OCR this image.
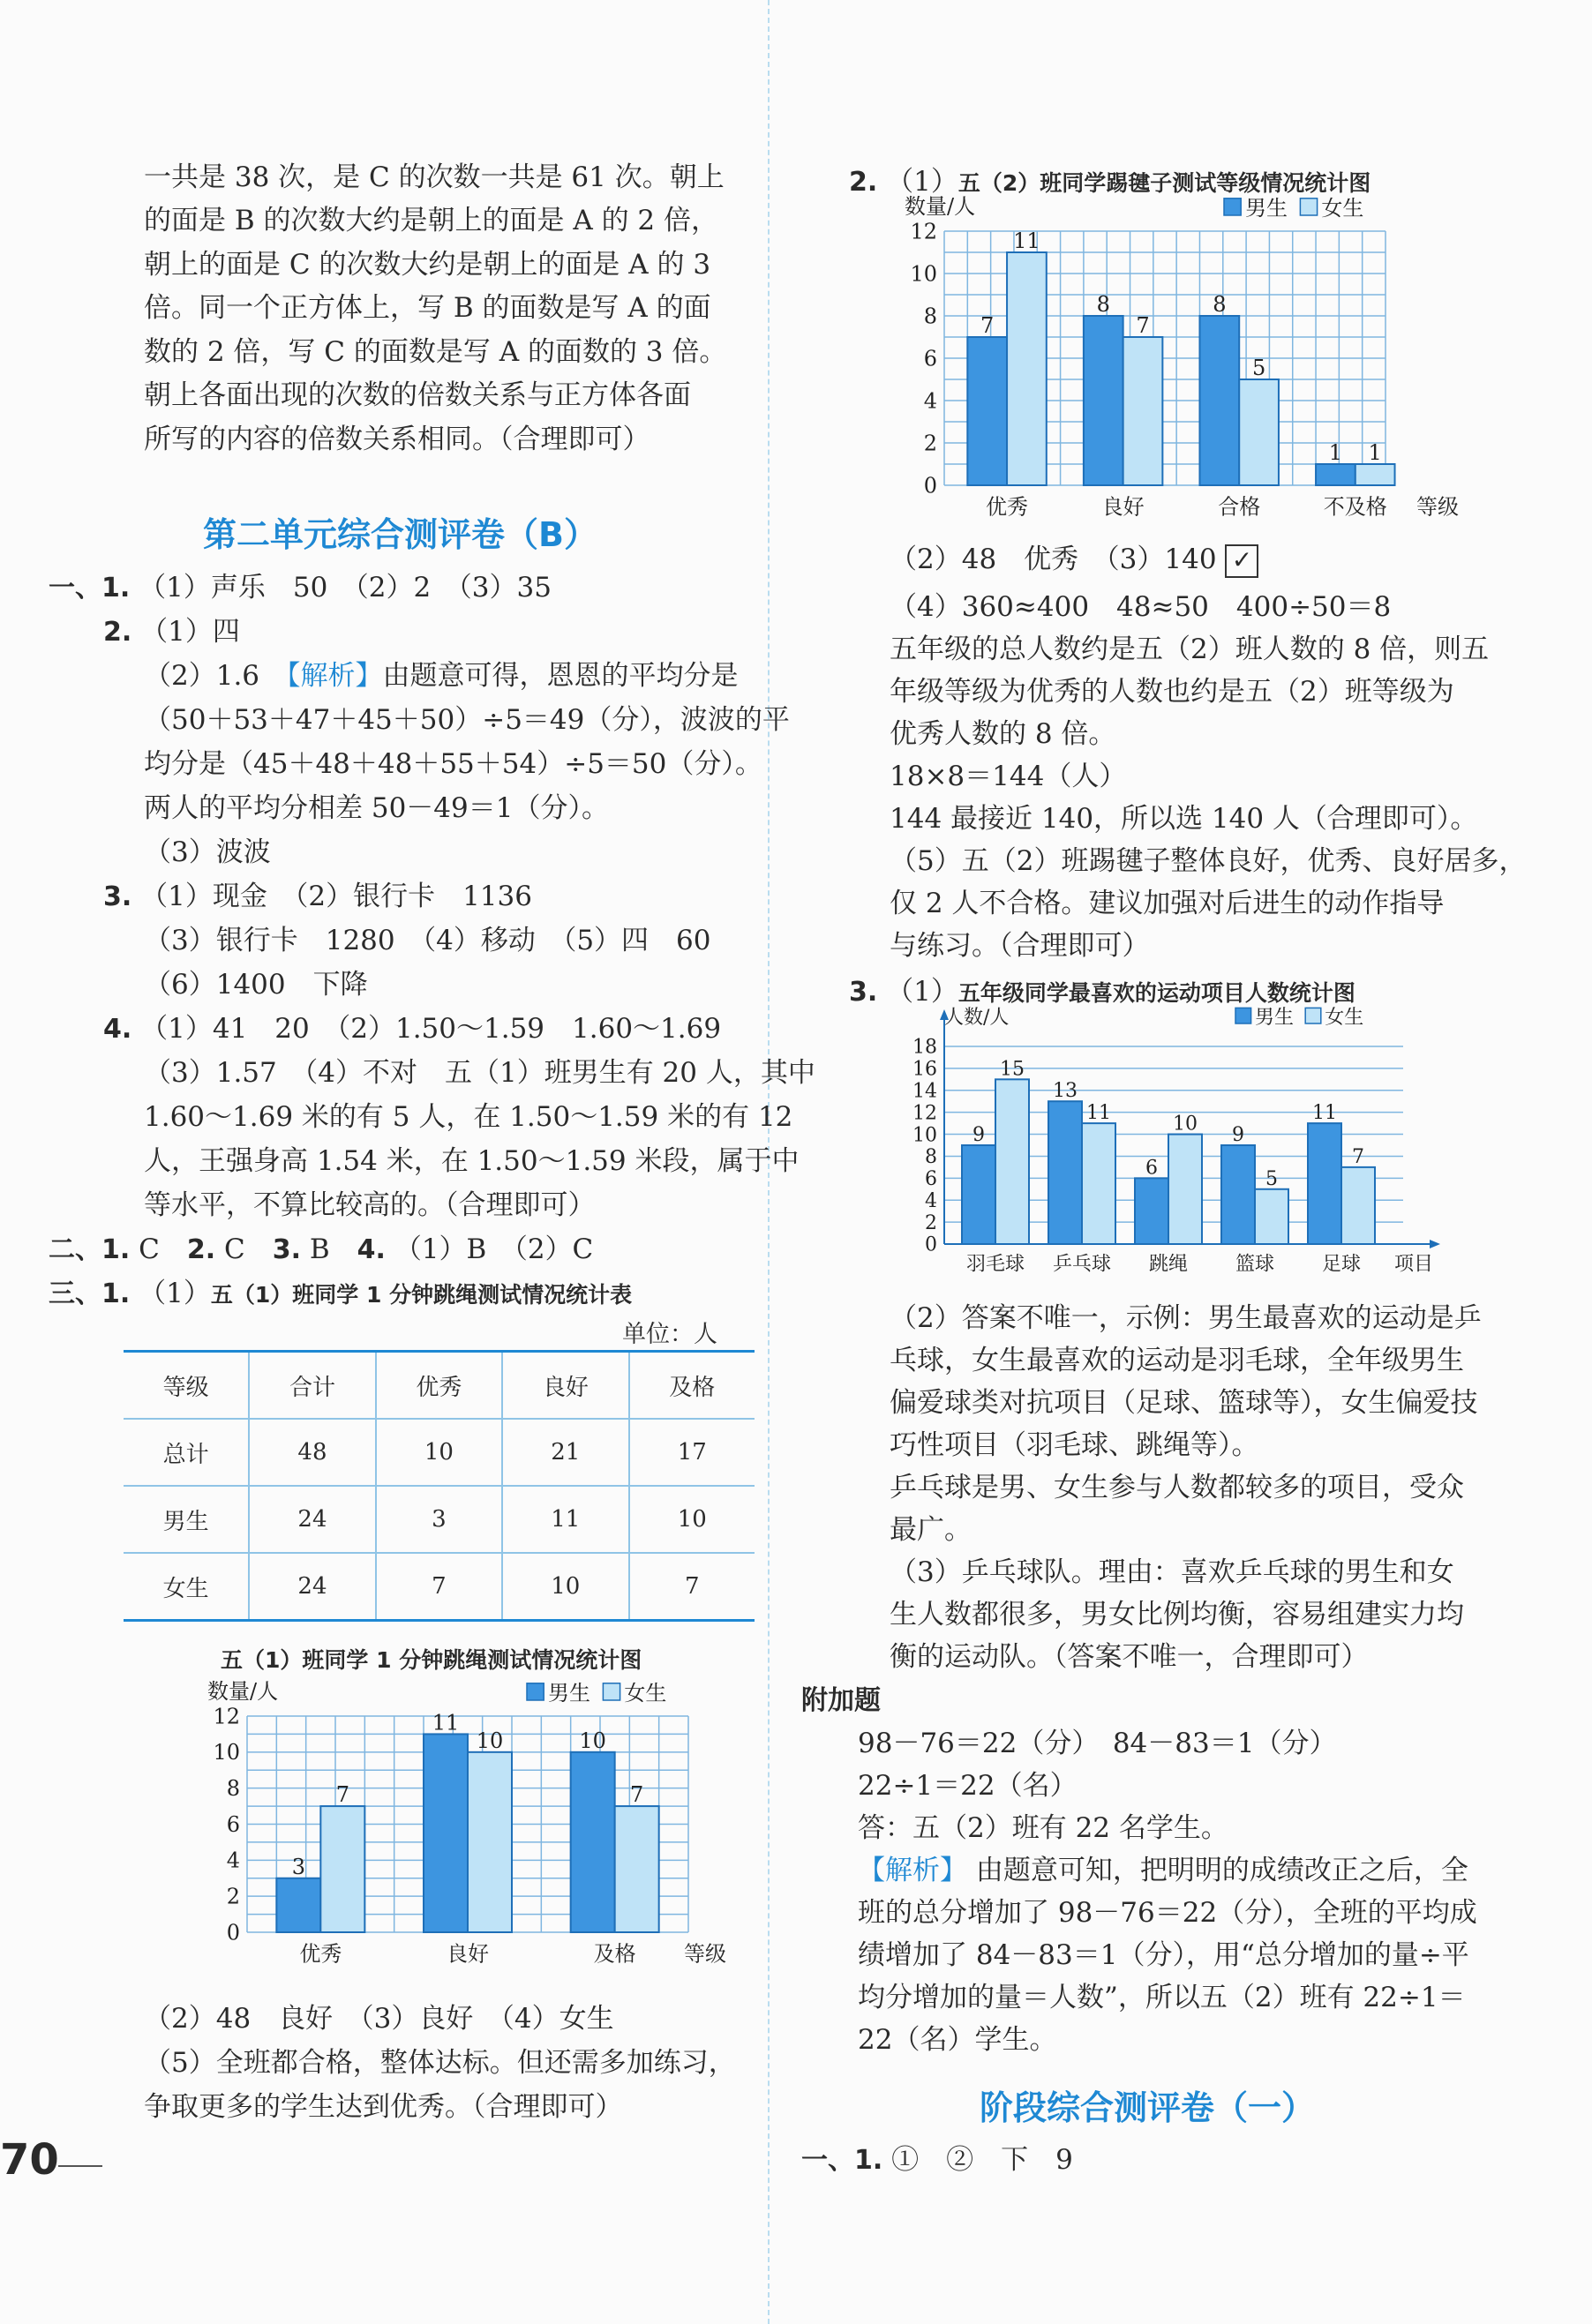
一共是 38 次，是 C 的次数一共是 61 次。朝上
的面是 B 的次数大约是朝上的面是 A 的 2 倍，
朝上的面是 C 的次数大约是朝上的面是 A 的 3
倍。同一个正方体上，写 B 的面数是写 A 的面
数的 2 倍，写 C 的面数是写 A 的面数的 3 倍。
朝上各面出现的次数的倍数关系与正方体各面
所写的内容的倍数关系相同。（合理即可）
第二单元综合测评卷（B）
一、1. （1）声乐　50　（2）2　（3）35
2. （1）四
（2）1.6　【解析】由题意可得，恩恩的平均分是
（50＋53＋47＋45＋50）÷5＝49（分），波波的平
均分是（45＋48＋48＋55＋54）÷5＝50（分）。
两人的平均分相差 50－49＝1（分）。
（3）波波
3. （1）现金　（2）银行卡　1136
（3）银行卡　1280　（4）移动　（5）四　60
（6）1400　下降
4. （1）41　20　（2）1.50～1.59　1.60～1.69
（3）1.57　（4）不对　五（1）班男生有 20 人，其中
1.60～1.69 米的有 5 人，在 1.50～1.59 米的有 12
人，王强身高 1.54 米，在 1.50～1.59 米段，属于中
等水平，不算比较高的。（合理即可）
二、1. C　2. C　3. B　4. （1）B　（2）C
三、1. （1）五（1）班同学 1 分钟跳绳测试情况统计表
单位：人
等级	合计	优秀	良好	及格
总计	48	10	21	17
男生	24	3	11	10
女生	24	7	10	7
五（1）班同学 1 分钟跳绳测试情况统计图
0
2
4
6
8
10
12
数量/人	男生 女生
3
7
优秀
11
10
良好
10
7
及格 等级
（2）48　良好　（3）良好　（4）女生
（5）全班都合格，整体达标。但还需多加练习，
争取更多的学生达到优秀。（合理即可）
2. （1）五（2）班同学踢毽子测试等级情况统计图
0
2
4
6
8
10
12
数量/人	男生 女生
7
11
优秀
8
7
良好
8
5
合格
1 1
不及格 等级
（2）48　优秀　（3）140 ✓
（4）360≈400　48≈50　400÷50＝8
五年级的总人数约是五（2）班人数的 8 倍，则五
年级等级为优秀的人数也约是五（2）班等级为
优秀人数的 8 倍。
18×8＝144（人）
144 最接近 140，所以选 140 人（合理即可）。
（5）五（2）班踢毽子整体良好，优秀、良好居多，
仅 2 人不合格。建议加强对后进生的动作指导
与练习。（合理即可）
3. （1）五年级同学最喜欢的运动项目人数统计图
0
2
4
6
8
10
12
14
16
18
人数/人	男生 女生
9
15
羽毛球
13
11
乒乓球
6
10
跳绳
9
5
篮球
11
7
足球 项目
（2）答案不唯一，示例：男生最喜欢的运动是乒
乓球，女生最喜欢的运动是羽毛球，全年级男生
偏爱球类对抗项目（足球、篮球等），女生偏爱技
巧性项目（羽毛球、跳绳等）。
乒乓球是男、女生参与人数都较多的项目，受众
最广。
（3）乒乓球队。理由：喜欢乒乓球的男生和女
生人数都很多，男女比例均衡，容易组建实力均
衡的运动队。（答案不唯一，合理即可）
附加题
98－76＝22（分）　84－83＝1（分）
22÷1＝22（名）
答：五（2）班有 22 名学生。
【解析】 由题意可知，把明明的成绩改正之后，全
班的总分增加了 98－76＝22（分），全班的平均成
绩增加了 84－83＝1（分），用“总分增加的量÷平
均分增加的量＝人数”，所以五（2）班有 22÷1＝
22（名）学生。
阶段综合测评卷（一）
一、1. ①　②　下　9
70
